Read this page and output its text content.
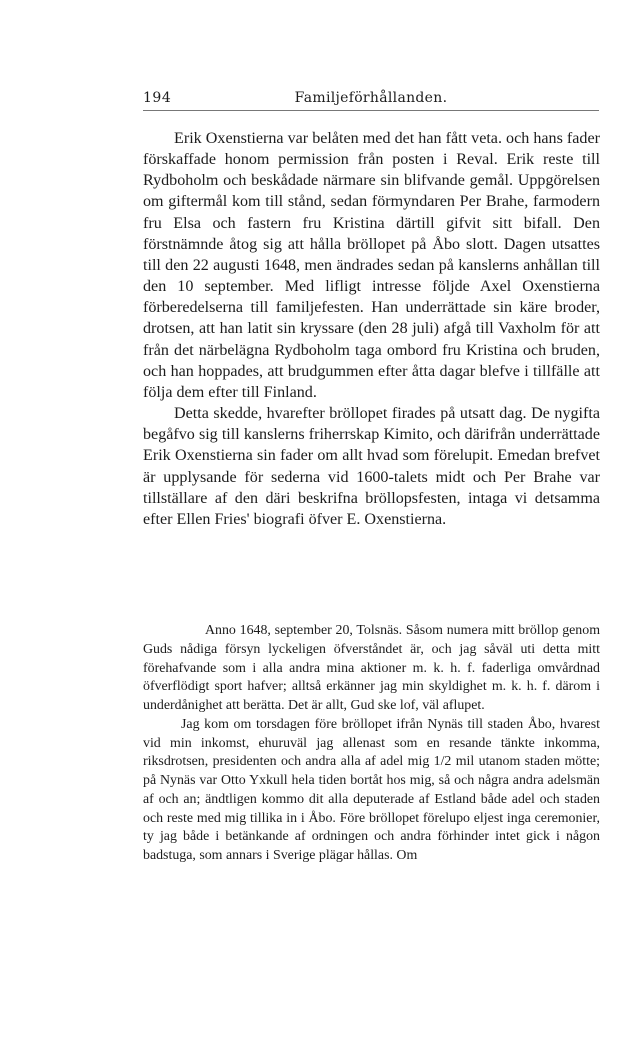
194	Familjeförhållanden.

Erik Oxenstierna var belåten med det han fått veta. och hans fader förskaffade honom permission från posten i Reval. Erik reste till Rydboholm och beskådade närmare sin blifvande gemål. Uppgörelsen om giftermål kom till stånd, sedan förmyndaren Per Brahe, farmodern fru Elsa och fastern fru Kristina därtill gifvit sitt bifall. Den förstnämnde åtog sig att hålla bröllopet på Åbo slott. Dagen utsattes till den 22 augusti 1648, men ändrades sedan på kanslerns anhållan till den 10 september. Med lifligt intresse följde Axel Oxenstierna förberedelserna till familjefesten. Han underrättade sin käre broder, drotsen, att han latit sin kryssare (den 28 juli) afgå till Vaxholm för att från det närbelägna Rydboholm taga ombord fru Kristina och bruden, och han hoppades, att brudgummen efter åtta dagar blefve i tillfälle att följa dem efter till Finland.

Detta skedde, hvarefter bröllopet firades på utsatt dag. De nygifta begåfvo sig till kanslerns friherrskap Kimito, och därifrån underrättade Erik Oxenstierna sin fader om allt hvad som förelupit. Emedan brefvet är upplysande för sederna vid 1600-talets midt och Per Brahe var tillställare af den däri beskrifna bröllopsfesten, intaga vi detsamma efter Ellen Fries' biografi öfver E. Oxenstierna.

Anno 1648, september 20, Tolsnäs. Såsom numera mitt bröllop genom Guds nådiga försyn lyckeligen öfverståndet är, och jag såväl uti detta mitt förehafvande som i alla andra mina aktioner m. k. h. f. faderliga omvårdnad öfverflödigt sport hafver; alltså erkänner jag min skyldighet m. k. h. f. därom i underdånighet att berätta. Det är allt, Gud ske lof, väl aflupet.

Jag kom om torsdagen före bröllopet ifrån Nynäs till staden Åbo, hvarest vid min inkomst, ehuruväl jag allenast som en resande tänkte inkomma, riksdrotsen, presidenten och andra alla af adel mig 1/2 mil utanom staden mötte; på Nynäs var Otto Yxkull hela tiden bortåt hos mig, så och några andra adelsmän af och an; ändtligen kommo dit alla deputerade af Estland både adel och staden och reste med mig tillika in i Åbo. Före bröllopet förelupo eljest inga ceremonier, ty jag både i betänkande af ordningen och andra förhinder intet gick i någon badstuga, som annars i Sverige plägar hållas. Om
